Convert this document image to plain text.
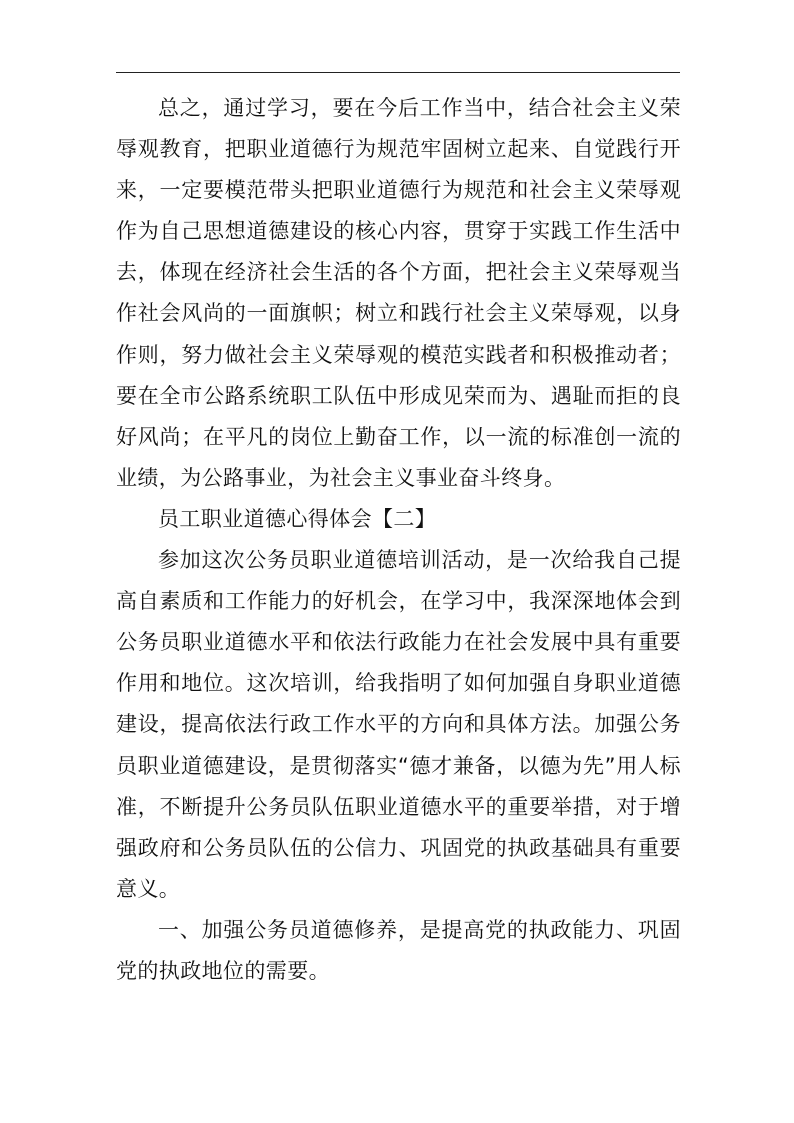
总之，通过学习，要在今后工作当中，结合社会主义荣辱观教育，把职业道德行为规范牢固树立起来、自觉践行开来，一定要模范带头把职业道德行为规范和社会主义荣辱观作为自己思想道德建设的核心内容，贯穿于实践工作生活中去，体现在经济社会生活的各个方面，把社会主义荣辱观当作社会风尚的一面旗帜；树立和践行社会主义荣辱观，以身作则，努力做社会主义荣辱观的模范实践者和积极推动者；要在全市公路系统职工队伍中形成见荣而为、遇耻而拒的良好风尚；在平凡的岗位上勤奋工作，以一流的标准创一流的业绩，为公路事业，为社会主义事业奋斗终身。

员工职业道德心得体会【二】

参加这次公务员职业道德培训活动，是一次给我自己提高自素质和工作能力的好机会，在学习中，我深深地体会到公务员职业道德水平和依法行政能力在社会发展中具有重要作用和地位。这次培训，给我指明了如何加强自身职业道德建设，提高依法行政工作水平的方向和具体方法。加强公务员职业道德建设，是贯彻落实“德才兼备，以德为先”用人标准，不断提升公务员队伍职业道德水平的重要举措，对于增强政府和公务员队伍的公信力、巩固党的执政基础具有重要意义。

一、加强公务员道德修养，是提高党的执政能力、巩固党的执政地位的需要。
